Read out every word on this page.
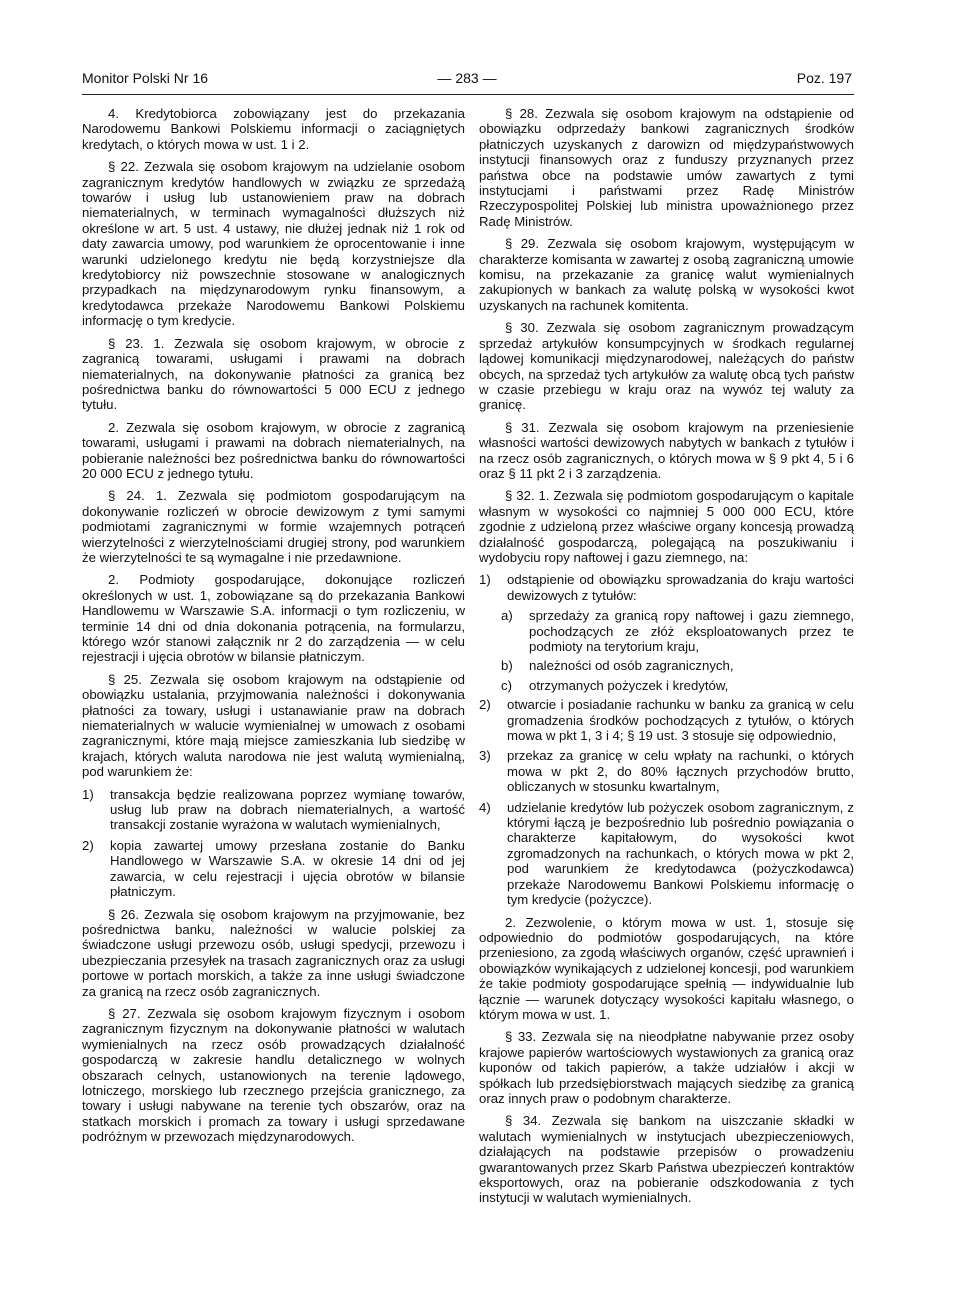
Monitor Polski Nr 16	— 283 —	Poz. 197

4. Kredytobiorca zobowiązany jest do przekazania Narodowemu Bankowi Polskiemu informacji o zaciągniętych kredytach, o których mowa w ust. 1 i 2.

§ 22. Zezwala się osobom krajowym na udzielanie osobom zagranicznym kredytów handlowych w związku ze sprzedażą towarów i usług lub ustanowieniem praw na dobrach niematerialnych, w terminach wymagalności dłuższych niż określone w art. 5 ust. 4 ustawy, nie dłużej jednak niż 1 rok od daty zawarcia umowy, pod warunkiem że oprocentowanie i inne warunki udzielonego kredytu nie będą korzystniejsze dla kredytobiorcy niż powszechnie stosowane w analogicznych przypadkach na międzynarodowym rynku finansowym, a kredytodawca przekaże Narodowemu Bankowi Polskiemu informację o tym kredycie.

§ 23. 1. Zezwala się osobom krajowym, w obrocie z zagranicą towarami, usługami i prawami na dobrach niematerialnych, na dokonywanie płatności za granicą bez pośrednictwa banku do równowartości 5 000 ECU z jednego tytułu.

2. Zezwala się osobom krajowym, w obrocie z zagranicą towarami, usługami i prawami na dobrach niematerialnych, na pobieranie należności bez pośrednictwa banku do równowartości 20 000 ECU z jednego tytułu.

§ 24. 1. Zezwala się podmiotom gospodarującym na dokonywanie rozliczeń w obrocie dewizowym z tymi samymi podmiotami zagranicznymi w formie wzajemnych potrąceń wierzytelności z wierzytelnościami drugiej strony, pod warunkiem że wierzytelności te są wymagalne i nie przedawnione.

2. Podmioty gospodarujące, dokonujące rozliczeń określonych w ust. 1, zobowiązane są do przekazania Bankowi Handlowemu w Warszawie S.A. informacji o tym rozliczeniu, w terminie 14 dni od dnia dokonania potrącenia, na formularzu, którego wzór stanowi załącznik nr 2 do zarządzenia — w celu rejestracji i ujęcia obrotów w bilansie płatniczym.

§ 25. Zezwala się osobom krajowym na odstąpienie od obowiązku ustalania, przyjmowania należności i dokonywania płatności za towary, usługi i ustanawianie praw na dobrach niematerialnych w walucie wymienialnej w umowach z osobami zagranicznymi, które mają miejsce zamieszkania lub siedzibę w krajach, których waluta narodowa nie jest walutą wymienialną, pod warunkiem że:

1) transakcja będzie realizowana poprzez wymianę towarów, usług lub praw na dobrach niematerialnych, a wartość transakcji zostanie wyrażona w walutach wymienialnych,
2) kopia zawartej umowy przesłana zostanie do Banku Handlowego w Warszawie S.A. w okresie 14 dni od jej zawarcia, w celu rejestracji i ujęcia obrotów w bilansie płatniczym.

§ 26. Zezwala się osobom krajowym na przyjmowanie, bez pośrednictwa banku, należności w walucie polskiej za świadczone usługi przewozu osób, usługi spedycji, przewozu i ubezpieczania przesyłek na trasach zagranicznych oraz za usługi portowe w portach morskich, a także za inne usługi świadczone za granicą na rzecz osób zagranicznych.

§ 27. Zezwala się osobom krajowym fizycznym i osobom zagranicznym fizycznym na dokonywanie płatności w walutach wymienialnych na rzecz osób prowadzących działalność gospodarczą w zakresie handlu detalicznego w wolnych obszarach celnych, ustanowionych na terenie lądowego, lotniczego, morskiego lub rzecznego przejścia granicznego, za towary i usługi nabywane na terenie tych obszarów, oraz na statkach morskich i promach za towary i usługi sprzedawane podróżnym w przewozach międzynarodowych.

§ 28. Zezwala się osobom krajowym na odstąpienie od obowiązku odprzedaży bankowi zagranicznych środków płatniczych uzyskanych z darowizn od międzypaństwowych instytucji finansowych oraz z funduszy przyznanych przez państwa obce na podstawie umów zawartych z tymi instytucjami i państwami przez Radę Ministrów Rzeczypospolitej Polskiej lub ministra upoważnionego przez Radę Ministrów.

§ 29. Zezwala się osobom krajowym, występującym w charakterze komisanta w zawartej z osobą zagraniczną umowie komisu, na przekazanie za granicę walut wymienialnych zakupionych w bankach za walutę polską w wysokości kwot uzyskanych na rachunek komitenta.

§ 30. Zezwala się osobom zagranicznym prowadzącym sprzedaż artykułów konsumpcyjnych w środkach regularnej lądowej komunikacji międzynarodowej, należących do państw obcych, na sprzedaż tych artykułów za walutę obcą tych państw w czasie przebiegu w kraju oraz na wywóz tej waluty za granicę.

§ 31. Zezwala się osobom krajowym na przeniesienie własności wartości dewizowych nabytych w bankach z tytułów i na rzecz osób zagranicznych, o których mowa w § 9 pkt 4, 5 i 6 oraz § 11 pkt 2 i 3 zarządzenia.

§ 32. 1. Zezwala się podmiotom gospodarującym o kapitale własnym w wysokości co najmniej 5 000 000 ECU, które zgodnie z udzieloną przez właściwe organy koncesją prowadzą działalność gospodarczą, polegającą na poszukiwaniu i wydobyciu ropy naftowej i gazu ziemnego, na:

1) odstąpienie od obowiązku sprowadzania do kraju wartości dewizowych z tytułów:
a) sprzedaży za granicą ropy naftowej i gazu ziemnego, pochodzących ze złóż eksploatowanych przez te podmioty na terytorium kraju,
b) należności od osób zagranicznych,
c) otrzymanych pożyczek i kredytów,
2) otwarcie i posiadanie rachunku w banku za granicą w celu gromadzenia środków pochodzących z tytułów, o których mowa w pkt 1, 3 i 4; § 19 ust. 3 stosuje się odpowiednio,
3) przekaz za granicę w celu wpłaty na rachunki, o których mowa w pkt 2, do 80% łącznych przychodów brutto, obliczanych w stosunku kwartalnym,
4) udzielanie kredytów lub pożyczek osobom zagranicznym, z którymi łączą je bezpośrednio lub pośrednio powiązania o charakterze kapitałowym, do wysokości kwot zgromadzonych na rachunkach, o których mowa w pkt 2, pod warunkiem że kredytodawca (pożyczkodawca) przekaże Narodowemu Bankowi Polskiemu informację o tym kredycie (pożyczce).

2. Zezwolenie, o którym mowa w ust. 1, stosuje się odpowiednio do podmiotów gospodarujących, na które przeniesiono, za zgodą właściwych organów, część uprawnień i obowiązków wynikających z udzielonej koncesji, pod warunkiem że takie podmioty gospodarujące spełnią — indywidualnie lub łącznie — warunek dotyczący wysokości kapitału własnego, o którym mowa w ust. 1.

§ 33. Zezwala się na nieodpłatne nabywanie przez osoby krajowe papierów wartościowych wystawionych za granicą oraz kuponów od takich papierów, a także udziałów i akcji w spółkach lub przedsiębiorstwach mających siedzibę za granicą oraz innych praw o podobnym charakterze.

§ 34. Zezwala się bankom na uiszczanie składki w walutach wymienialnych w instytucjach ubezpieczeniowych, działających na podstawie przepisów o prowadzeniu gwarantowanych przez Skarb Państwa ubezpieczeń kontraktów eksportowych, oraz na pobieranie odszkodowania z tych instytucji w walutach wymienialnych.
